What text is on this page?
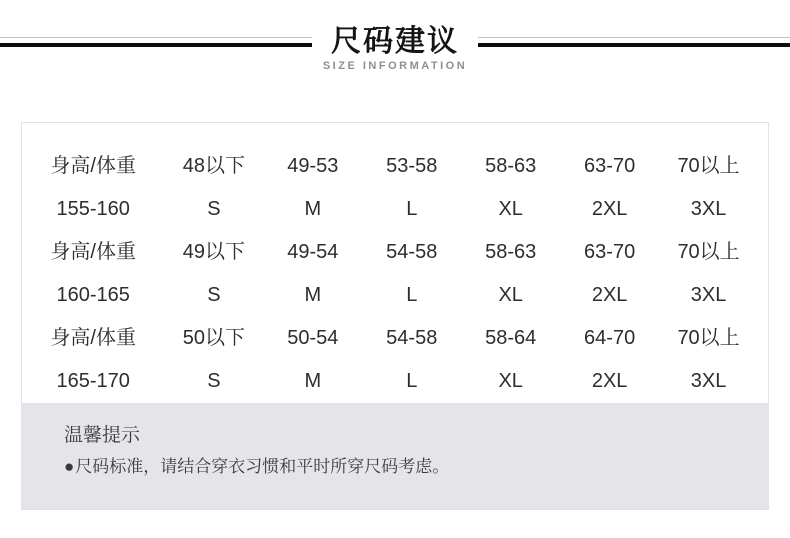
尺码建议
SIZE INFORMATION
身高/体重
155-160
48以下
S
49-53
M
53-58
L
58-63
XL
63-70
2XL
70以上
3XL
身高/体重
160-165
49以下
S
49-54
M
54-58
L
58-63
XL
63-70
2XL
70以上
3XL
身高/体重
165-170
50以下
S
50-54
M
54-58
L
58-64
XL
64-70
2XL
70以上
3XL
温馨提示
●尺码标准，请结合穿衣习惯和平时所穿尺码考虑。
